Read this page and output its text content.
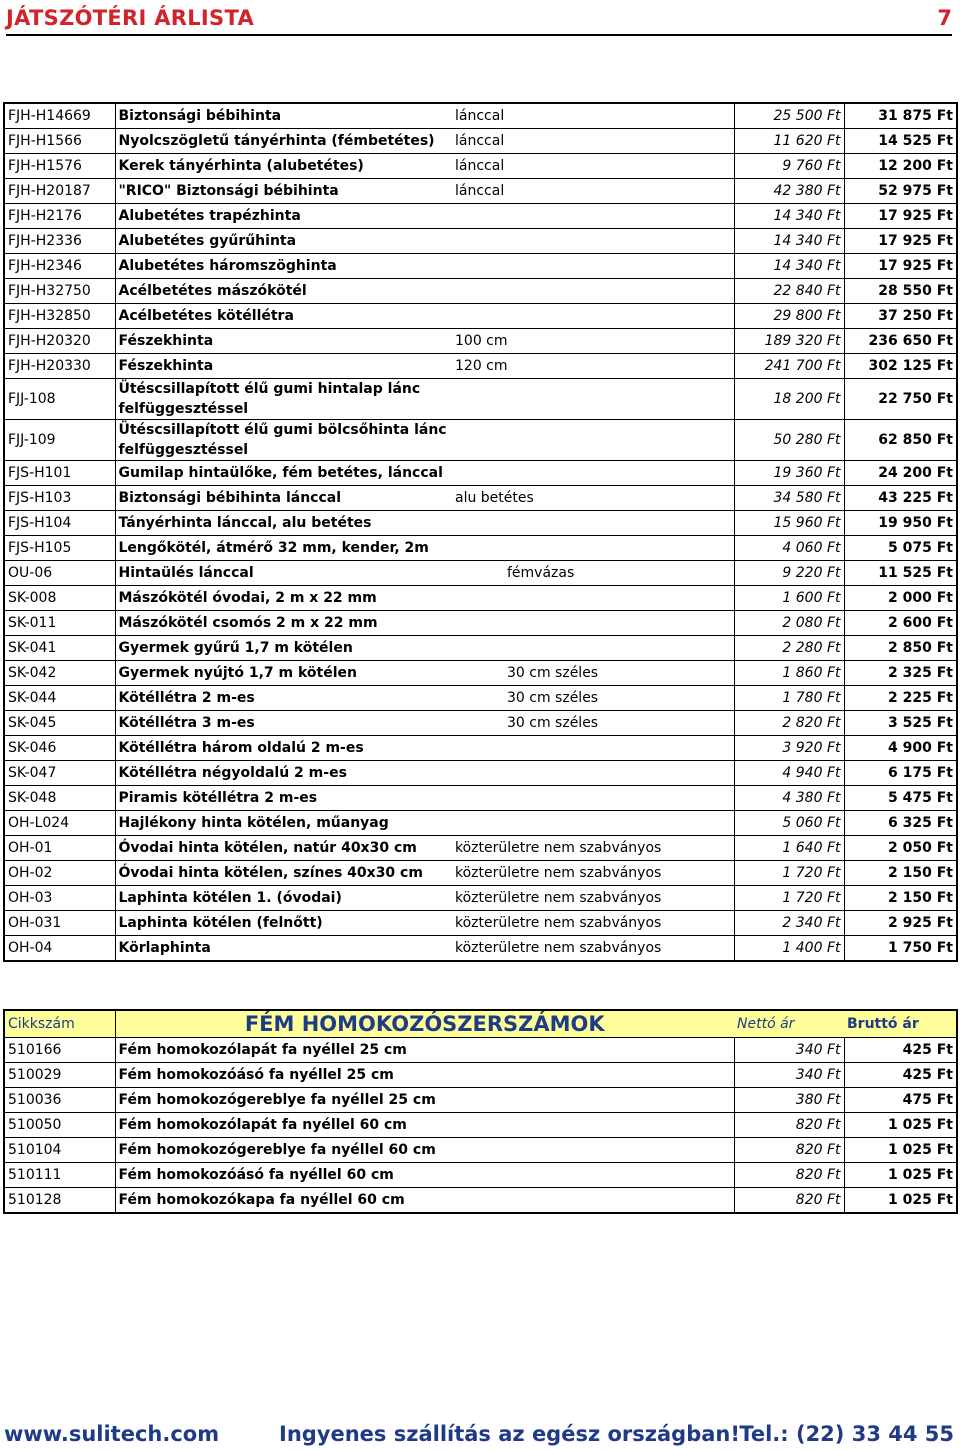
JÁTSZÓTÉRI ÁRLISTA	7
FJH-H14669	Biztonsági bébihinta	lánccal	25 500 Ft	31 875 Ft
FJH-H1566	Nyolcszögletű tányérhinta (fémbetétes)	lánccal	11 620 Ft	14 525 Ft
FJH-H1576	Kerek tányérhinta (alubetétes)	lánccal	9 760 Ft	12 200 Ft
FJH-H20187	"RICO" Biztonsági bébihinta	lánccal	42 380 Ft	52 975 Ft
FJH-H2176	Alubetétes trapézhinta		14 340 Ft	17 925 Ft
FJH-H2336	Alubetétes gyűrűhinta		14 340 Ft	17 925 Ft
FJH-H2346	Alubetétes háromszöghinta		14 340 Ft	17 925 Ft
FJH-H32750	Acélbetétes mászókötél		22 840 Ft	28 550 Ft
FJH-H32850	Acélbetétes kötéllétra		29 800 Ft	37 250 Ft
FJH-H20320	Fészekhinta	100 cm	189 320 Ft	236 650 Ft
FJH-H20330	Fészekhinta	120 cm	241 700 Ft	302 125 Ft
FJJ-108	Ütéscsillapított élű gumi hintalap lánc felfüggesztéssel		18 200 Ft	22 750 Ft
FJJ-109	Ütéscsillapított élű gumi bölcsőhinta lánc felfüggesztéssel		50 280 Ft	62 850 Ft
FJS-H101	Gumilap hintaülőke, fém betétes, lánccal		19 360 Ft	24 200 Ft
FJS-H103	Biztonsági bébihinta lánccal	alu betétes	34 580 Ft	43 225 Ft
FJS-H104	Tányérhinta lánccal, alu betétes		15 960 Ft	19 950 Ft
FJS-H105	Lengőkötél, átmérő 32 mm, kender, 2m		4 060 Ft	5 075 Ft
OU-06	Hintaülés lánccal	fémvázas	9 220 Ft	11 525 Ft
SK-008	Mászókötél óvodai, 2 m x 22 mm		1 600 Ft	2 000 Ft
SK-011	Mászókötél csomós 2 m x 22 mm		2 080 Ft	2 600 Ft
SK-041	Gyermek gyűrű 1,7 m kötélen		2 280 Ft	2 850 Ft
SK-042	Gyermek nyújtó 1,7 m kötélen	30 cm széles	1 860 Ft	2 325 Ft
SK-044	Kötéllétra 2 m-es	30 cm széles	1 780 Ft	2 225 Ft
SK-045	Kötéllétra 3 m-es	30 cm széles	2 820 Ft	3 525 Ft
SK-046	Kötéllétra három oldalú 2 m-es		3 920 Ft	4 900 Ft
SK-047	Kötéllétra négyoldalú 2 m-es		4 940 Ft	6 175 Ft
SK-048	Piramis kötéllétra 2 m-es		4 380 Ft	5 475 Ft
OH-L024	Hajlékony hinta kötélen, műanyag		5 060 Ft	6 325 Ft
OH-01	Óvodai hinta kötélen, natúr 40x30 cm	közterületre nem szabványos	1 640 Ft	2 050 Ft
OH-02	Óvodai hinta kötélen, színes 40x30 cm	közterületre nem szabványos	1 720 Ft	2 150 Ft
OH-03	Laphinta kötélen 1. (óvodai)	közterületre nem szabványos	1 720 Ft	2 150 Ft
OH-031	Laphinta kötélen (felnőtt)	közterületre nem szabványos	2 340 Ft	2 925 Ft
OH-04	Körlaphinta	közterületre nem szabványos	1 400 Ft	1 750 Ft
Cikkszám	FÉM HOMOKOZÓSZERSZÁMOK	Nettó ár	Bruttó ár
510166	Fém homokozólapát fa nyéllel 25 cm	340 Ft	425 Ft
510029	Fém homokozóásó fa nyéllel 25 cm	340 Ft	425 Ft
510036	Fém homokozógereblye fa nyéllel 25 cm	380 Ft	475 Ft
510050	Fém homokozólapát fa nyéllel 60 cm	820 Ft	1 025 Ft
510104	Fém homokozógereblye fa nyéllel 60 cm	820 Ft	1 025 Ft
510111	Fém homokozóásó fa nyéllel 60 cm	820 Ft	1 025 Ft
510128	Fém homokozókapa fa nyéllel 60 cm	820 Ft	1 025 Ft
www.sulitech.com	Ingyenes szállítás az egész országban! Tel.: (22) 33 44 55
